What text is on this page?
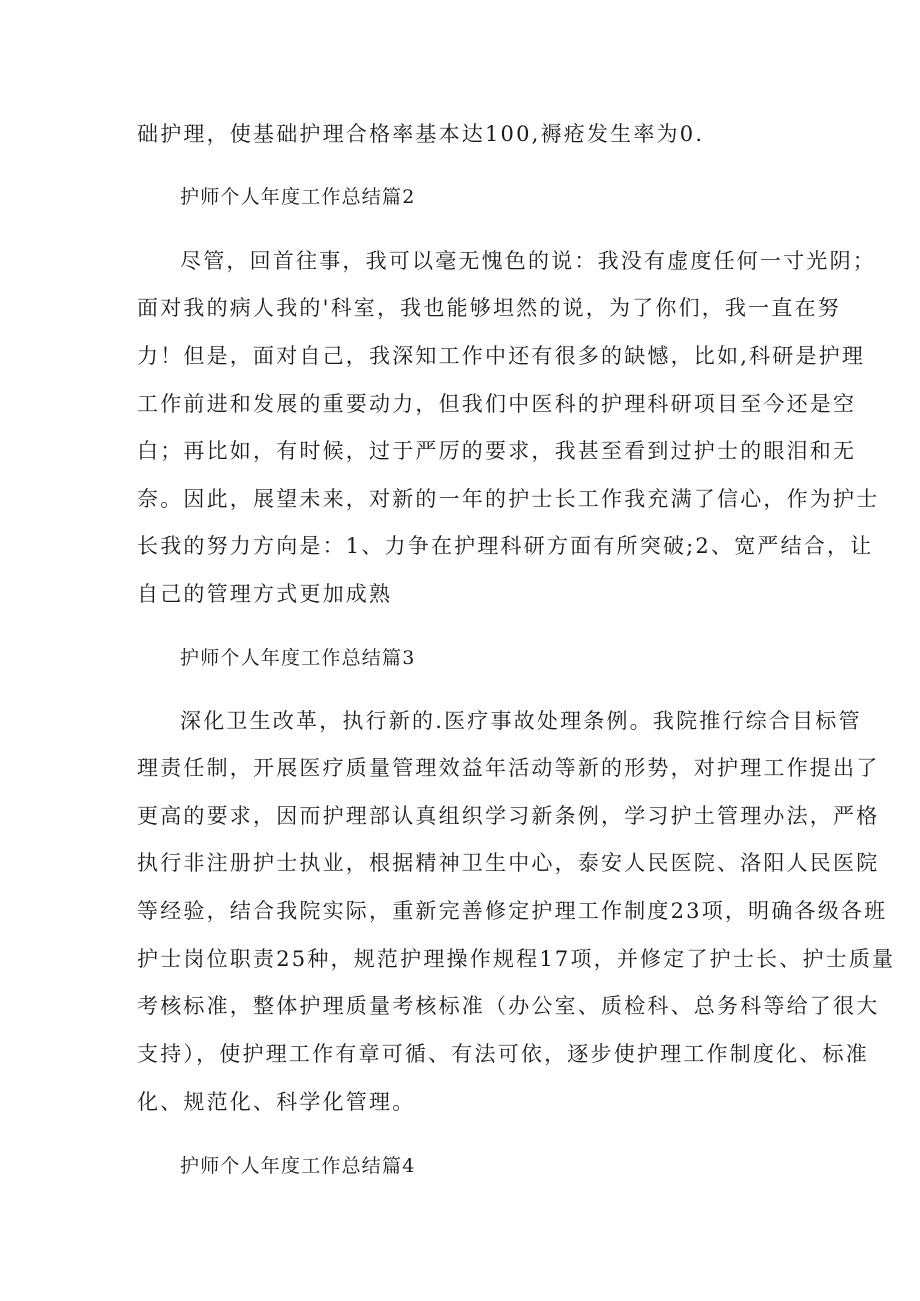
础护理，使基础护理合格率基本达100,褥疮发生率为0.
护师个人年度工作总结篇2
尽管，回首往事，我可以毫无愧色的说：我没有虚度任何一寸光阴；
面对我的病人我的'科室，我也能够坦然的说，为了你们，我一直在努
力！但是，面对自己，我深知工作中还有很多的缺憾，比如,科研是护理
工作前进和发展的重要动力，但我们中医科的护理科研项目至今还是空
白；再比如，有时候，过于严厉的要求，我甚至看到过护士的眼泪和无
奈。因此，展望未来，对新的一年的护士长工作我充满了信心，作为护士
长我的努力方向是：1、力争在护理科研方面有所突破;2、宽严结合，让
自己的管理方式更加成熟
护师个人年度工作总结篇3
深化卫生改革，执行新的.医疗事故处理条例。我院推行综合目标管
理责任制，开展医疗质量管理效益年活动等新的形势，对护理工作提出了
更高的要求，因而护理部认真组织学习新条例，学习护土管理办法，严格
执行非注册护士执业，根据精神卫生中心，泰安人民医院、洛阳人民医院
等经验，结合我院实际，重新完善修定护理工作制度23项，明确各级各班
护士岗位职责25种，规范护理操作规程17项，并修定了护士长、护士质量
考核标准，整体护理质量考核标准（办公室、质检科、总务科等给了很大
支持），使护理工作有章可循、有法可依，逐步使护理工作制度化、标准
化、规范化、科学化管理。
护师个人年度工作总结篇4
